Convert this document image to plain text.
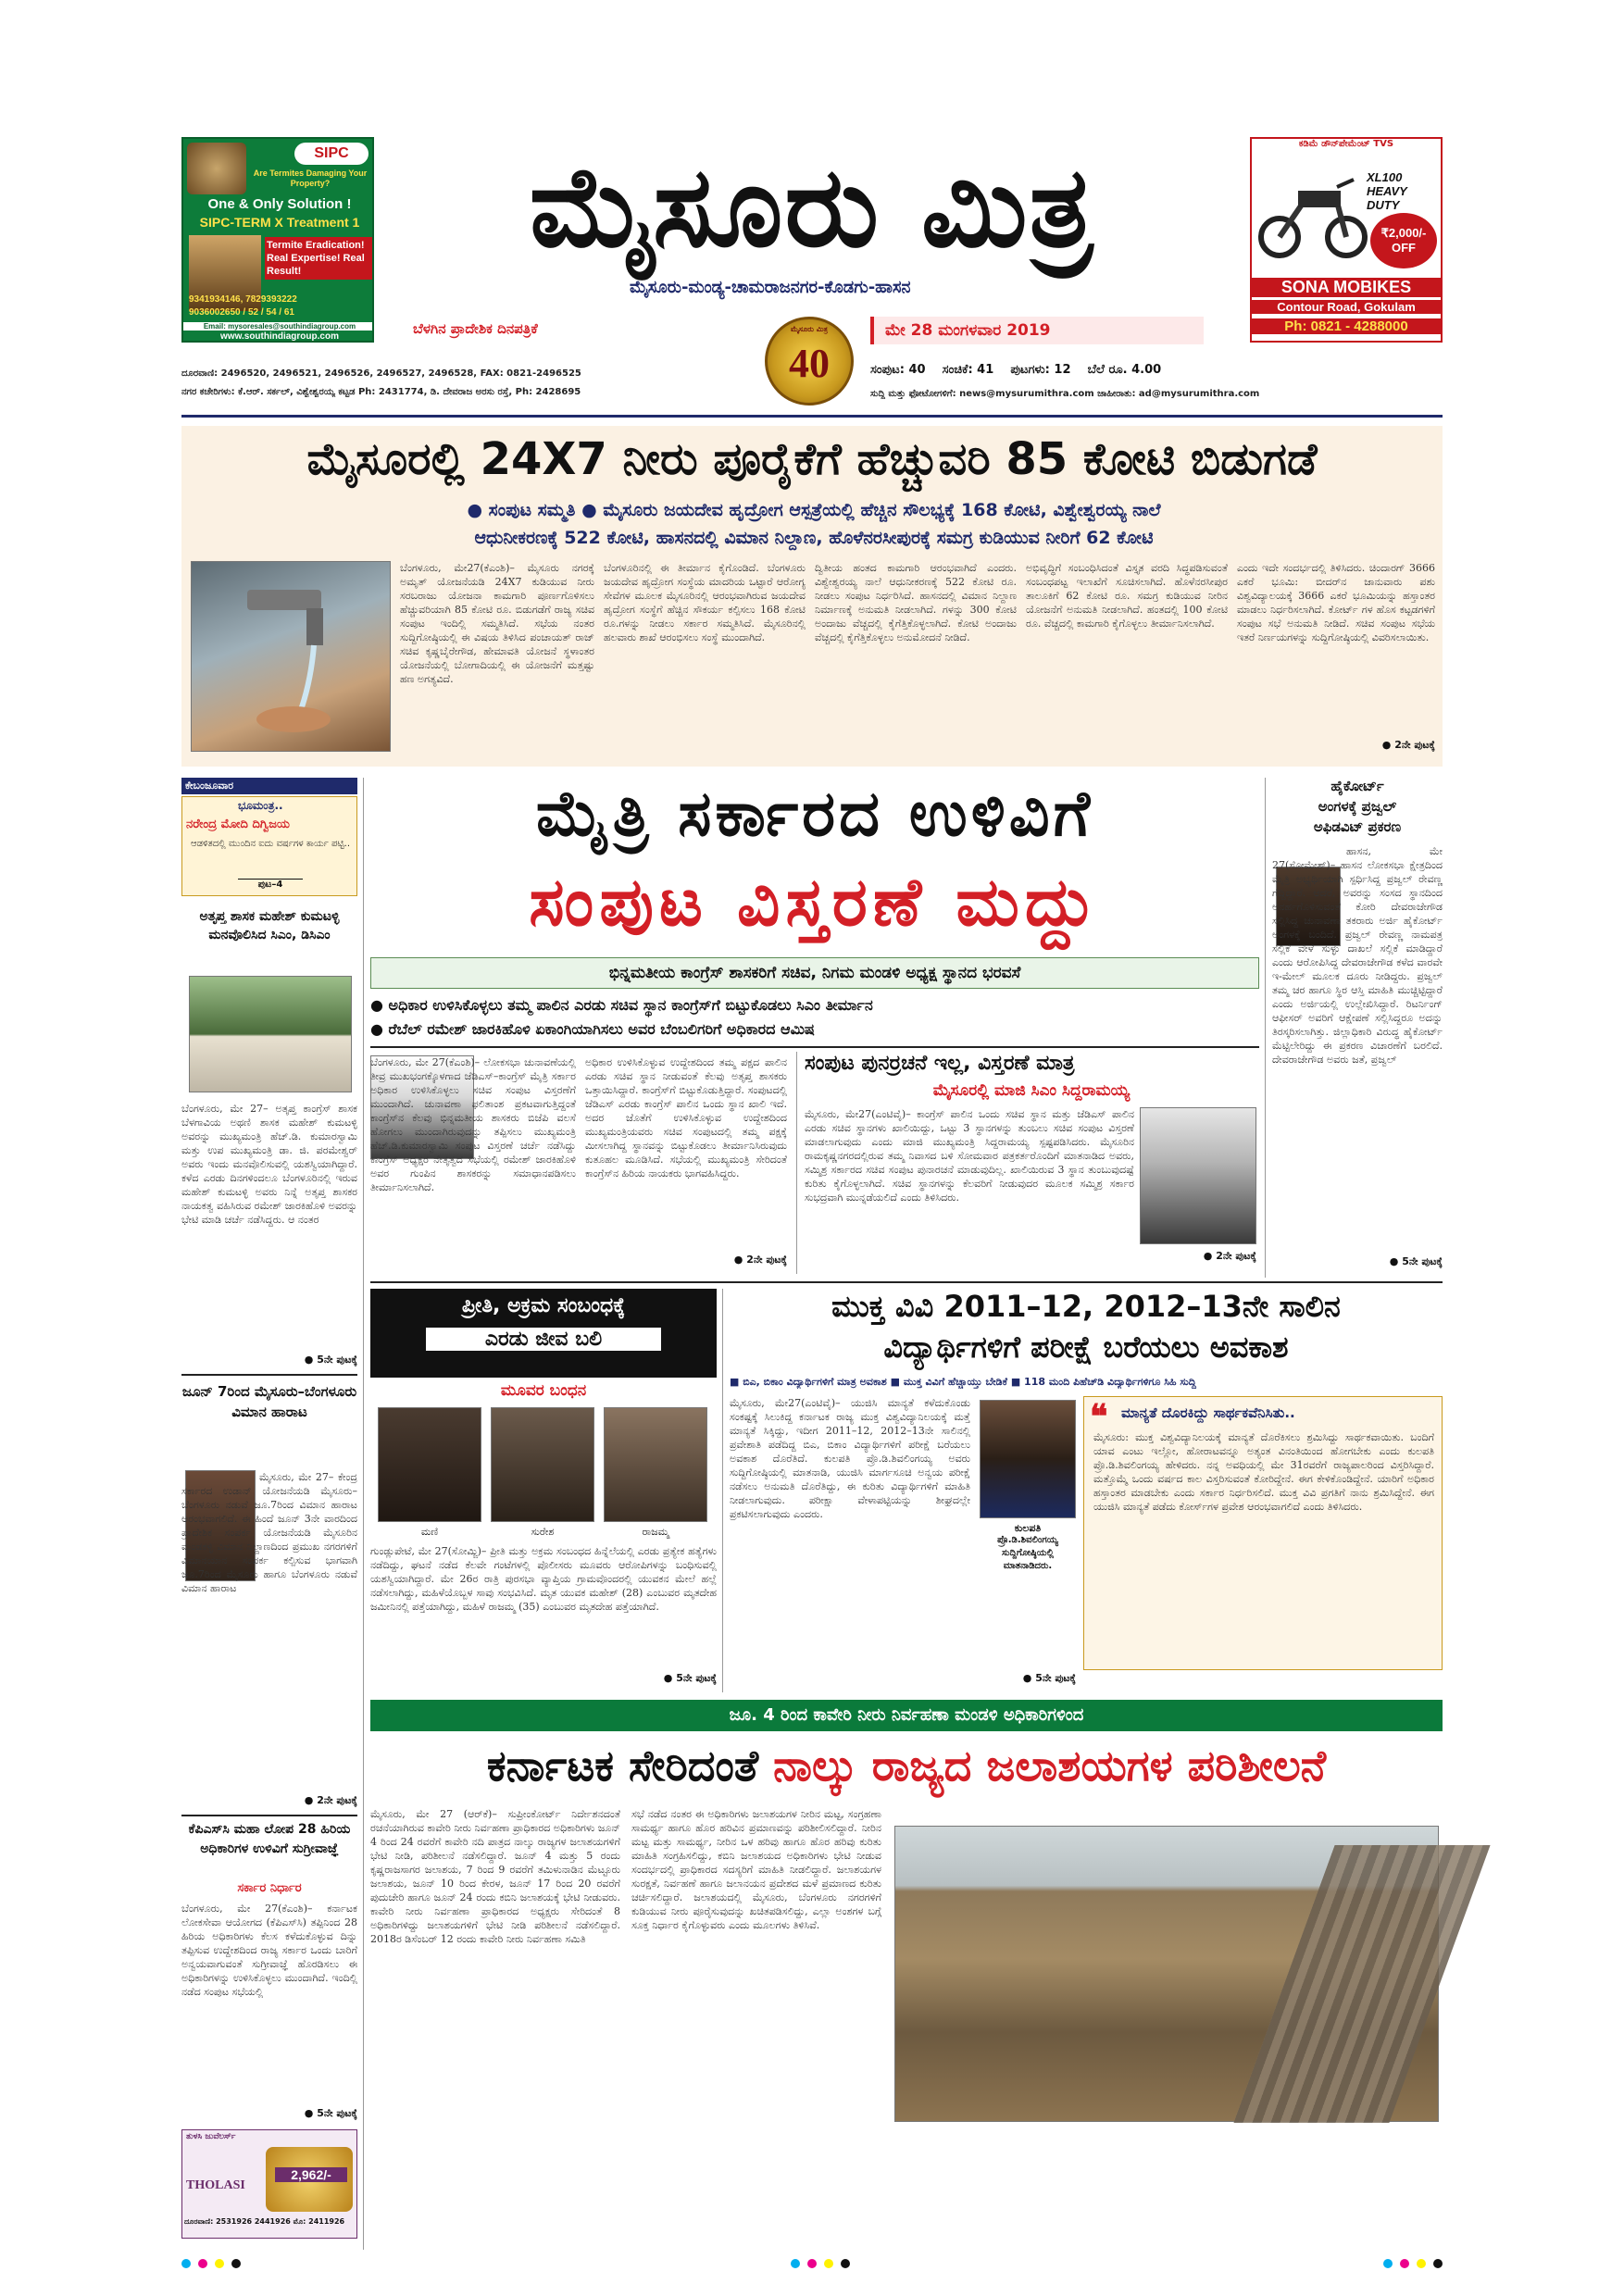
SIPC
Are Termites Damaging Your Property?
One & Only Solution !
SIPC-TERM X Treatment 1
Termite Eradication! Real Expertise! Real Result!
9341934146, 7829393222
9036002650 / 52 / 54 / 61
Email: mysoresales@southindiagroup.com
www.southindiagroup.com
ಮೈಸೂರು ಮಿತ್ರ
ಮೈಸೂರು-ಮಂಡ್ಯ-ಚಾಮರಾಜನಗರ-ಕೊಡಗು-ಹಾಸನ
ಬೆಳಗಿನ ಪ್ರಾದೇಶಿಕ ದಿನಪತ್ರಿಕೆ	ಮೈಸೂರು ಮಿತ್ರ
40
ಮೇ 28 ಮಂಗಳವಾರ 2019
ಕಡಿಮೆ ಡೌನ್‌ಪೇಮೆಂಟ್ TVS
XL100 HEAVY DUTY
₹2,000/- OFF
SONA MOBIKES
Contour Road, Gokulam
Ph: 0821 - 4288000
ಸಂಪುಟ: 40 ಸಂಚಿಕೆ: 41 ಪುಟಗಳು: 12 ಬೆಲೆ ರೂ. 4.00
ದೂರವಾಣಿ: 2496520, 2496521, 2496526, 2496527, 2496528, FAX: 0821-2496525
ನಗರ ಕಚೇರಿಗಳು: ಕೆ.ಆರ್. ಸರ್ಕಲ್, ವಿಶ್ವೇಶ್ವರಯ್ಯ ಕಟ್ಟಡ Ph: 2431774, ಡಿ. ದೇವರಾಜ ಅರಸು ರಸ್ತೆ, Ph: 2428695	ಸುದ್ದಿ ಮತ್ತು ಫೋಟೋಗಳಿಗೆ: news@mysurumithra.com ಜಾಹೀರಾತು: ad@mysurumithra.com
ಮೈಸೂರಲ್ಲಿ 24X7 ನೀರು ಪೂರೈಕೆಗೆ ಹೆಚ್ಚುವರಿ 85 ಕೋಟಿ ಬಿಡುಗಡೆ
● ಸಂಪುಟ ಸಮ್ಮತಿ ● ಮೈಸೂರು ಜಯದೇವ ಹೃದ್ರೋಗ ಆಸ್ಪತ್ರೆಯಲ್ಲಿ ಹೆಚ್ಚಿನ ಸೌಲಭ್ಯಕ್ಕೆ 168 ಕೋಟಿ, ವಿಶ್ವೇಶ್ವರಯ್ಯ ನಾಲೆ
ಆಧುನೀಕರಣಕ್ಕೆ 522 ಕೋಟಿ, ಹಾಸನದಲ್ಲಿ ವಿಮಾನ ನಿಲ್ದಾಣ, ಹೊಳೆನರಸೀಪುರಕ್ಕೆ ಸಮಗ್ರ ಕುಡಿಯುವ ನೀರಿಗೆ 62 ಕೋಟಿ
ಬೆಂಗಳೂರು, ಮೇ27(ಕೆಎಂಶಿ)– ಮೈಸೂರು ನಗರಕ್ಕೆ ಅಮೃತ್ ಯೋಜನೆಯಡಿ 24X7 ಕುಡಿಯುವ ನೀರು ಸರಬರಾಜು ಯೋಜನಾ ಕಾಮಗಾರಿ ಪೂರ್ಣಗೊಳಿಸಲು ಹೆಚ್ಚುವರಿಯಾಗಿ 85 ಕೋಟಿ ರೂ. ಬಿಡುಗಡೆಗೆ ರಾಜ್ಯ ಸಚಿವ ಸಂಪುಟ ಇಂದಿಲ್ಲಿ ಸಮ್ಮತಿಸಿದೆ. ಸಭೆಯ ನಂತರ ಸುದ್ದಿಗೋಷ್ಠಿಯಲ್ಲಿ ಈ ವಿಷಯ ತಿಳಿಸಿದ ಪಂಚಾಯತ್ ರಾಜ್ ಸಚಿವ ಕೃಷ್ಣಬೈರೇಗೌಡ, ಹೇಮಾವತಿ ಯೋಜನೆ ಸ್ಥಳಾಂತರ ಯೋಜನೆಯಲ್ಲಿ ಬೋಗಾದಿಯಲ್ಲಿ ಈ ಯೋಜನೆಗೆ ಮತ್ತಷ್ಟು ಹಣ ಅಗತ್ಯವಿದೆ.
ಬೆಂಗಳೂರಿನಲ್ಲಿ ಈ ತೀರ್ಮಾನ ಕೈಗೊಂಡಿದೆ. ಬೆಂಗಳೂರು ಜಯದೇವ ಹೃದ್ರೋಗ ಸಂಸ್ಥೆಯ ಮಾದರಿಯ ಒಟ್ಟಾರೆ ಆರೋಗ್ಯ ಸೇವೆಗಳ ಮೂಲಕ ಮೈಸೂರಿನಲ್ಲಿ ಆರಂಭವಾಗಿರುವ ಜಯದೇವ ಹೃದ್ರೋಗ ಸಂಸ್ಥೆಗೆ ಹೆಚ್ಚಿನ ಸೌಕರ್ಯ ಕಲ್ಪಿಸಲು 168 ಕೋಟಿ ರೂ.ಗಳನ್ನು ನೀಡಲು ಸರ್ಕಾರ ಸಮ್ಮತಿಸಿದೆ. ಮೈಸೂರಿನಲ್ಲಿ ಹಲವಾರು ಶಾಖೆ ಆರಂಭಿಸಲು ಸಂಸ್ಥೆ ಮುಂದಾಗಿದೆ.
ದ್ವಿತೀಯ ಹಂತದ ಕಾಮಗಾರಿ ಆರಂಭವಾಗಿದೆ ಎಂದರು. ವಿಶ್ವೇಶ್ವರಯ್ಯ ನಾಲೆ ಆಧುನೀಕರಣಕ್ಕೆ 522 ಕೋಟಿ ರೂ. ನೀಡಲು ಸಂಪುಟ ನಿರ್ಧರಿಸಿದೆ. ಹಾಸನದಲ್ಲಿ ವಿಮಾನ ನಿಲ್ದಾಣ ನಿರ್ಮಾಣಕ್ಕೆ ಅನುಮತಿ ನೀಡಲಾಗಿದೆ. ಗಳನ್ನು 300 ಕೋಟಿ ಅಂದಾಜು ವೆಚ್ಚದಲ್ಲಿ ಕೈಗೆತ್ತಿಕೊಳ್ಳಲಾಗಿದೆ. ಕೋಟಿ ಅಂದಾಜು ವೆಚ್ಚದಲ್ಲಿ ಕೈಗೆತ್ತಿಕೊಳ್ಳಲು ಅನುಮೋದನೆ ನೀಡಿದೆ.
ಅಭಿವೃದ್ಧಿಗೆ ಸಂಬಂಧಿಸಿದಂತೆ ವಿಸ್ತೃತ ವರದಿ ಸಿದ್ಧಪಡಿಸುವಂತೆ ಸಂಬಂಧಪಟ್ಟ ಇಲಾಖೆಗೆ ಸೂಚಿಸಲಾಗಿದೆ. ಹೊಳೆನರಸೀಪುರ ತಾಲೂಕಿಗೆ 62 ಕೋಟಿ ರೂ. ಸಮಗ್ರ ಕುಡಿಯುವ ನೀರಿನ ಯೋಜನೆಗೆ ಅನುಮತಿ ನೀಡಲಾಗಿದೆ. ಹಂತದಲ್ಲಿ 100 ಕೋಟಿ ರೂ. ವೆಚ್ಚದಲ್ಲಿ ಕಾಮಗಾರಿ ಕೈಗೊಳ್ಳಲು ತೀರ್ಮಾನಿಸಲಾಗಿದೆ.
ಎಂದು ಇದೇ ಸಂದರ್ಭದಲ್ಲಿ ತಿಳಿಸಿದರು. ಚಿಂದಾರಗ್ 3666 ಎಕರೆ ಭೂಮಿ: ಬೀದರ್‌ನ ಜಾನುವಾರು ಪಶು ವಿಶ್ವವಿದ್ಯಾಲಯಕ್ಕೆ 3666 ಎಕರೆ ಭೂಮಿಯನ್ನು ಹಸ್ತಾಂತರ ಮಾಡಲು ನಿರ್ಧರಿಸಲಾಗಿದೆ. ಕೋರ್ಟ್ ಗಳ ಹೊಸ ಕಟ್ಟಡಗಳಿಗೆ ಸಂಪುಟ ಸಭೆ ಅನುಮತಿ ನೀಡಿದೆ. ಸಚಿವ ಸಂಪುಟ ಸಭೆಯ ಇತರೆ ನಿರ್ಣಯಗಳನ್ನು ಸುದ್ದಿಗೋಷ್ಠಿಯಲ್ಲಿ ವಿವರಿಸಲಾಯಿತು.
● 2ನೇ ಪುಟಕ್ಕೆ
ಕೇಬಂಜೂವಾರ
ಭೂಮಂತ್ರ..
ನರೇಂದ್ರ ಮೋದಿ ದಿಗ್ವಿಜಯ
ಆಡಳಿತದಲ್ಲಿ ಮುಂದಿನ ಐದು ವರ್ಷಗಳ ಕಾರ್ಯ ಪಟ್ಟಿ..
ಪುಟ–4
ಅತೃಪ್ತ ಶಾಸಕ ಮಹೇಶ್ ಕುಮಟಳ್ಳಿ ಮನವೊಲಿಸಿದ ಸಿಎಂ, ಡಿಸಿಎಂ
ಬೆಂಗಳೂರು, ಮೇ 27– ಅತೃಪ್ತ ಕಾಂಗ್ರೆಸ್ ಶಾಸಕ ಬೆಳಗಾವಿಯ ಅಥಣಿ ಶಾಸಕ ಮಹೇಶ್ ಕುಮಟಳ್ಳಿ ಅವರನ್ನು ಮುಖ್ಯಮಂತ್ರಿ ಹೆಚ್.ಡಿ. ಕುಮಾರಸ್ವಾಮಿ ಮತ್ತು ಉಪ ಮುಖ್ಯಮಂತ್ರಿ ಡಾ. ಜಿ. ಪರಮೇಶ್ವರ್ ಅವರು ಇಂದು ಮನವೊಲಿಸುವಲ್ಲಿ ಯಶಸ್ವಿಯಾಗಿದ್ದಾರೆ. ಕಳೆದ ಎರಡು ದಿನಗಳಿಂದಲೂ ಬೆಂಗಳೂರಿನಲ್ಲಿ ಇರುವ ಮಹೇಶ್ ಕುಮಟಳ್ಳಿ ಅವರು ನಿನ್ನೆ ಅತೃಪ್ತ ಶಾಸಕರ ನಾಯಕತ್ವ ವಹಿಸಿರುವ ರಮೇಶ್ ಜಾರಕಿಹೊಳಿ ಅವರನ್ನು ಭೇಟಿ ಮಾಡಿ ಚರ್ಚೆ ನಡೆಸಿದ್ದರು. ಆ ನಂತರ
● 5ನೇ ಪುಟಕ್ಕೆ
ಜೂನ್ 7ರಿಂದ ಮೈಸೂರು–ಬೆಂಗಳೂರು ವಿಮಾನ ಹಾರಾಟ
ಮೈಸೂರು, ಮೇ 27– ಕೇಂದ್ರ ಸರ್ಕಾರದ ಉಡಾನ್ ಯೋಜನೆಯಡಿ ಮೈಸೂರು–ಬೆಂಗಳೂರು ನಡುವೆ ಜೂ.7ರಿಂದ ವಿಮಾನ ಹಾರಾಟ ಆರಂಭವಾಗಲಿದೆ. ಈ ಹಿಂದೆ ಜೂನ್ 3ನೇ ವಾರದಿಂದ ಪ್ರಾದೇಶಿಕ ಸಂಪರ್ಕ ಯೋಜನೆಯಡಿ ಮೈಸೂರಿನ ಮಂಡಕಳ್ಳಿ ವಿಮಾನ ನಿಲ್ದಾಣದಿಂದ ಪ್ರಮುಖ ನಗರಗಳಿಗೆ ವಿಮಾನಯಾನ ಸಂಪರ್ಕ ಕಲ್ಪಿಸುವ ಭಾಗವಾಗಿ ಜೂ.7ರಿಂದ ಮೈಸೂರು ಹಾಗೂ ಬೆಂಗಳೂರು ನಡುವೆ ವಿಮಾನ ಹಾರಾಟ
● 2ನೇ ಪುಟಕ್ಕೆ
ಕೆಪಿಎಸ್‌ಸಿ ಮಹಾ ಲೋಪ 28 ಹಿರಿಯ ಅಧಿಕಾರಿಗಳ ಉಳಿವಿಗೆ ಸುಗ್ರೀವಾಜ್ಞೆ
ಸರ್ಕಾರ ನಿರ್ಧಾರ
ಬೆಂಗಳೂರು, ಮೇ 27(ಕೆಎಂಶಿ)– ಕರ್ನಾಟಕ ಲೋಕಸೇವಾ ಆಯೋಗದ (ಕೆಪಿಎಸ್‌ಸಿ) ತಪ್ಪಿನಿಂದ 28 ಹಿರಿಯ ಅಧಿಕಾರಿಗಳು ಕೆಲಸ ಕಳೆದುಕೊಳ್ಳುವ ದಿನ್ನು ತಪ್ಪಿಸುವ ಉದ್ದೇಶದಿಂದ ರಾಜ್ಯ ಸರ್ಕಾರ ಒಂದು ಬಾರಿಗೆ ಅನ್ವಯವಾಗುವಂತೆ ಸುಗ್ರೀವಾಜ್ಞೆ ಹೊರಡಿಸಲು ಈ ಅಧಿಕಾರಿಗಳನ್ನು ಉಳಿಸಿಕೊಳ್ಳಲು ಮುಂದಾಗಿದೆ. ಇಂದಿಲ್ಲಿ ನಡೆದ ಸಂಪುಟ ಸಭೆಯಲ್ಲಿ
● 5ನೇ ಪುಟಕ್ಕೆ
ತುಳಸಿ ಜುವೆಲರ್ಸ್
THOLASI
2,962/-
ದೂರವಾಣಿ: 2531926 2441926 ಮೊ: 2411926
ಮೈತ್ರಿ ಸರ್ಕಾರದ ಉಳಿವಿಗೆ
ಸಂಪುಟ ವಿಸ್ತರಣೆ ಮದ್ದು
ಭಿನ್ನಮತೀಯ ಕಾಂಗ್ರೆಸ್ ಶಾಸಕರಿಗೆ ಸಚಿವ, ನಿಗಮ ಮಂಡಳಿ ಅಧ್ಯಕ್ಷ ಸ್ಥಾನದ ಭರವಸೆ
● ಅಧಿಕಾರ ಉಳಿಸಿಕೊಳ್ಳಲು ತಮ್ಮ ಪಾಲಿನ ಎರಡು ಸಚಿವ ಸ್ಥಾನ ಕಾಂಗ್ರೆಸ್‌ಗೆ ಬಿಟ್ಟುಕೊಡಲು ಸಿಎಂ ತೀರ್ಮಾನ
● ರೆಬೆಲ್ ರಮೇಶ್ ಜಾರಕಿಹೊಳಿ ಏಕಾಂಗಿಯಾಗಿಸಲು ಅವರ ಬೆಂಬಲಿಗರಿಗೆ ಅಧಿಕಾರದ ಆಮಿಷ
ಬೆಂಗಳೂರು, ಮೇ 27(ಕೆಎಂಶಿ)– ಲೋಕಸಭಾ ಚುನಾವಣೆಯಲ್ಲಿ ತೀವ್ರ ಮುಖಭಂಗಕ್ಕೊಳಗಾದ ಜೆಡಿಎಸ್–ಕಾಂಗ್ರೆಸ್ ಮೈತ್ರಿ ಸರ್ಕಾರ ಅಧಿಕಾರ ಉಳಿಸಿಕೊಳ್ಳಲು ಸಚಿವ ಸಂಪುಟ ವಿಸ್ತರಣೆಗೆ ಮುಂದಾಗಿದೆ. ಚುನಾವಣಾ ಫಲಿತಾಂಶ ಪ್ರಕಟವಾಗುತ್ತಿದ್ದಂತೆ ಕಾಂಗ್ರೆಸ್‌ನ ಕೆಲವು ಭಿನ್ನಮತೀಯ ಶಾಸಕರು ಬಿಜೆಪಿ ವಲಸೆ ಹೋಗಲು ಮುಂದಾಗಿರುವುದನ್ನು ತಪ್ಪಿಸಲು ಮುಖ್ಯಮಂತ್ರಿ ಹೆಚ್.ಡಿ.ಕುಮಾರಸ್ವಾಮಿ ಸಂಪುಟ ವಿಸ್ತರಣೆ ಚರ್ಚೆ ನಡೆಸಿದ್ದು ಕಾಂಗ್ರೆಸ್ ಅಧ್ಯಕ್ಷರ ನೇತೃತ್ವದ ಸಭೆಯಲ್ಲಿ ರಮೇಶ್ ಜಾರಕಿಹೊಳಿ ಅವರ ಗುಂಪಿನ ಶಾಸಕರನ್ನು ಸಮಾಧಾನಪಡಿಸಲು ತೀರ್ಮಾನಿಸಲಾಗಿದೆ.
ಅಧಿಕಾರ ಉಳಿಸಿಕೊಳ್ಳುವ ಉದ್ದೇಶದಿಂದ ತಮ್ಮ ಪಕ್ಷದ ಪಾಲಿನ ಎರಡು ಸಚಿವ ಸ್ಥಾನ ನೀಡುವಂತೆ ಕೆಲವು ಅತೃಪ್ತ ಶಾಸಕರು ಒತ್ತಾಯಿಸಿದ್ದಾರೆ. ಕಾಂಗ್ರೆಸ್‌ಗೆ ಬಿಟ್ಟುಕೊಡುತ್ತಿದ್ದಾರೆ. ಸಂಪುಟದಲ್ಲಿ ಜೆಡಿಎಸ್ ಎರಡು ಕಾಂಗ್ರೆಸ್ ಪಾಲಿನ ಒಂದು ಸ್ಥಾನ ಖಾಲಿ ಇದೆ. ಅದರ ಜೊತೆಗೆ ಉಳಿಸಿಕೊಳ್ಳುವ ಉದ್ದೇಶದಿಂದ ಮುಖ್ಯಮಂತ್ರಿಯವರು ಸಚಿವ ಸಂಪುಟದಲ್ಲಿ ತಮ್ಮ ಪಕ್ಷಕ್ಕೆ ಮೀಸಲಾಗಿದ್ದ ಸ್ಥಾನವನ್ನು ಬಿಟ್ಟುಕೊಡಲು ತೀರ್ಮಾನಿಸಿರುವುದು ಕುತೂಹಲ ಮೂಡಿಸಿದೆ. ಸಭೆಯಲ್ಲಿ ಮುಖ್ಯಮಂತ್ರಿ ಸೇರಿದಂತೆ ಕಾಂಗ್ರೆಸ್‌ನ ಹಿರಿಯ ನಾಯಕರು ಭಾಗವಹಿಸಿದ್ದರು.
● 2ನೇ ಪುಟಕ್ಕೆ
ಸಂಪುಟ ಪುನರ್ರಚನೆ ಇಲ್ಲ, ವಿಸ್ತರಣೆ ಮಾತ್ರ
ಮೈಸೂರಲ್ಲಿ ಮಾಜಿ ಸಿಎಂ ಸಿದ್ದರಾಮಯ್ಯ
ಮೈಸೂರು, ಮೇ27(ಎಂಟಿವೈ)– ಕಾಂಗ್ರೆಸ್ ಪಾಲಿನ ಒಂದು ಸಚಿವ ಸ್ಥಾನ ಮತ್ತು ಜೆಡಿಎಸ್ ಪಾಲಿನ ಎರಡು ಸಚಿವ ಸ್ಥಾನಗಳು ಖಾಲಿಯಿದ್ದು, ಒಟ್ಟು 3 ಸ್ಥಾನಗಳನ್ನು ತುಂಬಲು ಸಚಿವ ಸಂಪುಟ ವಿಸ್ತರಣೆ ಮಾಡಲಾಗುವುದು ಎಂದು ಮಾಜಿ ಮುಖ್ಯಮಂತ್ರಿ ಸಿದ್ದರಾಮಯ್ಯ ಸ್ಪಷ್ಟಪಡಿಸಿದರು. ಮೈಸೂರಿನ ರಾಮಕೃಷ್ಣನಗರದಲ್ಲಿರುವ ತಮ್ಮ ನಿವಾಸದ ಬಳಿ ಸೋಮವಾರ ಪತ್ರಕರ್ತರೊಂದಿಗೆ ಮಾತನಾಡಿದ ಅವರು, ಸಮ್ಮಿಶ್ರ ಸರ್ಕಾರದ ಸಚಿವ ಸಂಪುಟ ಪುನಾರಚನೆ ಮಾಡುವುದಿಲ್ಲ. ಖಾಲಿಯಿರುವ 3 ಸ್ಥಾನ ತುಂಬುವುದಷ್ಟೆ ಕುರಿತು ಕೈಗೊಳ್ಳಲಾಗಿದೆ. ಸಚಿವ ಸ್ಥಾನಗಳನ್ನು ಕೆಲವರಿಗೆ ನೀಡುವುದರ ಮೂಲಕ ಸಮ್ಮಿಶ್ರ ಸರ್ಕಾರ ಸುಭದ್ರವಾಗಿ ಮುನ್ನಡೆಯಲಿದೆ ಎಂದು ತಿಳಿಸಿದರು.
● 2ನೇ ಪುಟಕ್ಕೆ
ಹೈಕೋರ್ಟ್
ಅಂಗಳಕ್ಕೆ ಪ್ರಜ್ವಲ್
ಅಫಿಡವಿಟ್ ಪ್ರಕರಣ
ಹಾಸನ, ಮೇ 27(ಸೋಮೇಶ್)– ಹಾಸನ ಲೋಕಸಭಾ ಕ್ಷೇತ್ರದಿಂದ ಮೈತ್ರಿ ಅಭ್ಯರ್ಥಿಯಾಗಿ ಸ್ಪರ್ಧಿಸಿದ್ದ ಪ್ರಜ್ವಲ್ ರೇವಣ್ಣ ಗೆದ್ದಿದ್ದಾರೆ. ಆದರೆ, ಅವರನ್ನು ಸಂಸದ ಸ್ಥಾನದಿಂದ ಅನರ್ಹಗೊಳಿಸುವಂತೆ ಕೋರಿ ದೇವರಾಜೇಗೌಡ ಸಲ್ಲಿಸಿದ್ದ ಚುನಾವಣಾ ತಕರಾರು ಅರ್ಜಿ ಹೈಕೋರ್ಟ್ ಅಂಗಳಕ್ಕೆ ಬಂದಿದೆ. ಪ್ರಜ್ವಲ್ ರೇವಣ್ಣ ನಾಮಪತ್ರ ಸಲ್ಲಿಕೆ ವೇಳೆ ಸುಳ್ಳು ದಾಖಲೆ ಸಲ್ಲಿಕೆ ಮಾಡಿದ್ದಾರೆ ಎಂದು ಆರೋಪಿಸಿದ್ದ ದೇವರಾಜೇಗೌಡ ಕಳೆದ ವಾರವೇ ಇ-ಮೇಲ್ ಮೂಲಕ ದೂರು ನೀಡಿದ್ದರು. ಪ್ರಜ್ವಲ್ ತಮ್ಮ ಚರ ಹಾಗೂ ಸ್ಥಿರ ಆಸ್ತಿ ಮಾಹಿತಿ ಮುಚ್ಚಿಟ್ಟಿದ್ದಾರೆ ಎಂದು ಅರ್ಜಿಯಲ್ಲಿ ಉಲ್ಲೇಖಿಸಿದ್ದಾರೆ. ರಿಟರ್ನಿಂಗ್ ಆಫೀಸರ್ ಅವರಿಗೆ ಆಕ್ಷೇಪಣೆ ಸಲ್ಲಿಸಿದ್ದರೂ ಅದನ್ನು ತಿರಸ್ಕರಿಸಲಾಗಿತ್ತು. ಜಿಲ್ಲಾಧಿಕಾರಿ ವಿರುದ್ಧ ಹೈಕೋರ್ಟ್ ಮೆಟ್ಟಿಲೇರಿದ್ದು ಈ ಪ್ರಕರಣ ವಿಚಾರಣೆಗೆ ಬರಲಿದೆ. ದೇವರಾಜೇಗೌಡ ಅವರು ಜತೆ, ಪ್ರಜ್ವಲ್
● 5ನೇ ಪುಟಕ್ಕೆ
ಪ್ರೀತಿ, ಅಕ್ರಮ ಸಂಬಂಧಕ್ಕೆ
ಎರಡು ಜೀವ ಬಲಿ
ಮೂವರ ಬಂಧನ
ಮಣಿ	ಸುರೇಶ	ರಾಜಮ್ಮ
ಗುಂಡ್ಲುಪೇಟೆ, ಮೇ 27(ಸೋಮ್ಜಿ)– ಪ್ರೀತಿ ಮತ್ತು ಅಕ್ರಮ ಸಂಬಂಧದ ಹಿನ್ನೆಲೆಯಲ್ಲಿ ಎರಡು ಪ್ರತ್ಯೇಕ ಹತ್ಯೆಗಳು ನಡೆದಿದ್ದು, ಘಟನೆ ನಡೆದ ಕೆಲವೇ ಗಂಟೆಗಳಲ್ಲಿ ಪೊಲೀಸರು ಮೂವರು ಆರೋಪಿಗಳನ್ನು ಬಂಧಿಸುವಲ್ಲಿ ಯಶಸ್ವಿಯಾಗಿದ್ದಾರೆ. ಮೇ 26ರ ರಾತ್ರಿ ಪುರಸಭಾ ವ್ಯಾಪ್ತಿಯ ಗ್ರಾಮವೊಂದರಲ್ಲಿ ಯುವಕನ ಮೇಲೆ ಹಲ್ಲೆ ನಡೆಸಲಾಗಿದ್ದು, ಮಹಿಳೆಯೊಬ್ಬಳ ಸಾವು ಸಂಭವಿಸಿದೆ. ಮೃತ ಯುವಕ ಮಹೇಶ್ (28) ಎಂಬುವರ ಮೃತದೇಹ ಜಮೀನಿನಲ್ಲಿ ಪತ್ತೆಯಾಗಿದ್ದು, ಮಹಿಳೆ ರಾಜಮ್ಮ (35) ಎಂಬುವರ ಮೃತದೇಹ ಪತ್ತೆಯಾಗಿದೆ.
● 5ನೇ ಪುಟಕ್ಕೆ
ಮುಕ್ತ ವಿವಿ 2011–12, 2012–13ನೇ ಸಾಲಿನ
ವಿದ್ಯಾರ್ಥಿಗಳಿಗೆ ಪರೀಕ್ಷೆ ಬರೆಯಲು ಅವಕಾಶ
■ ಬಿಎ, ಬಿಕಾಂ ವಿದ್ಯಾರ್ಥಿಗಳಿಗೆ ಮಾತ್ರ ಅವಕಾಶ ■ ಮುಕ್ತ ವಿವಿಗೆ ಹೆಚ್ಚಾಯ್ತು ಬೇಡಿಕೆ ■ 118 ಮಂದಿ ಪಿಹೆಚ್‌ಡಿ ವಿದ್ಯಾರ್ಥಿಗಳಿಗೂ ಸಿಹಿ ಸುದ್ದಿ
ಮೈಸೂರು, ಮೇ27(ಎಂಟಿವೈ)– ಯುಜಿಸಿ ಮಾನ್ಯತೆ ಕಳೆದುಕೊಂಡು ಸಂಕಷ್ಟಕ್ಕೆ ಸಿಲುಕಿದ್ದ ಕರ್ನಾಟಕ ರಾಜ್ಯ ಮುಕ್ತ ವಿಶ್ವವಿದ್ಯಾನಿಲಯಕ್ಕೆ ಮತ್ತೆ ಮಾನ್ಯತೆ ಸಿಕ್ಕಿದ್ದು, ಇದೀಗ 2011–12, 2012–13ನೇ ಸಾಲಿನಲ್ಲಿ ಪ್ರವೇಶಾತಿ ಪಡೆದಿದ್ದ ಬಿಎ, ಬಿಕಾಂ ವಿದ್ಯಾರ್ಥಿಗಳಿಗೆ ಪರೀಕ್ಷೆ ಬರೆಯಲು ಅವಕಾಶ ದೊರೆತಿದೆ. ಕುಲಪತಿ ಪ್ರೊ.ಡಿ.ಶಿವಲಿಂಗಯ್ಯ ಅವರು ಸುದ್ದಿಗೋಷ್ಠಿಯಲ್ಲಿ ಮಾತನಾಡಿ, ಯುಜಿಸಿ ಮಾರ್ಗಸೂಚಿ ಅನ್ವಯ ಪರೀಕ್ಷೆ ನಡೆಸಲು ಅನುಮತಿ ದೊರೆತಿದ್ದು, ಈ ಕುರಿತು ವಿದ್ಯಾರ್ಥಿಗಳಿಗೆ ಮಾಹಿತಿ ನೀಡಲಾಗುವುದು. ಪರೀಕ್ಷಾ ವೇಳಾಪಟ್ಟಿಯನ್ನು ಶೀಘ್ರದಲ್ಲೇ ಪ್ರಕಟಿಸಲಾಗುವುದು ಎಂದರು.
ಕುಲಪತಿ
ಪ್ರೊ.ಡಿ.ಶಿವಲಿಂಗಯ್ಯ
ಸುದ್ದಿಗೋಷ್ಠಿಯಲ್ಲಿ
ಮಾತನಾಡಿದರು.
❝ ಮಾನ್ಯತೆ ದೊರಕಿದ್ದು ಸಾರ್ಥಕವೆನಿಸಿತು..
ಮೈಸೂರು: ಮುಕ್ತ ವಿಶ್ವವಿದ್ಯಾನಿಲಯಕ್ಕೆ ಮಾನ್ಯತೆ ದೊರೆಕಿಸಲು ಶ್ರಮಿಸಿದ್ದು ಸಾರ್ಥಕವಾಯಿತು. ಬಂದಿಗೆ ಯಾವ ಎಂಟು ಇಲ್ಲೋ, ಹೋರಾಟವನ್ನೂ ಅತ್ಯಂತ ವಿನಂತಿಯಿಂದ ಹೋಗಬೇಕು ಎಂದು ಕುಲಪತಿ ಪ್ರೊ.ಡಿ.ಶಿವಲಿಂಗಯ್ಯ ಹೇಳಿದರು. ನನ್ನ ಅವಧಿಯಲ್ಲಿ ಮೇ 31ರವರೆಗೆ ರಾಜ್ಯಪಾಲರಿಂದ ವಿಸ್ತರಿಸಿದ್ದಾರೆ. ಮತ್ತೊಮ್ಮೆ ಒಂದು ವರ್ಷದ ಕಾಲ ವಿಸ್ತರಿಸುವಂತೆ ಕೋರಿದ್ದೇನೆ. ಈಗ ಕೇಳಿಕೊಂಡಿದ್ದೇನೆ. ಯಾರಿಗೆ ಅಧಿಕಾರ ಹಸ್ತಾಂತರ ಮಾಡಬೇಕು ಎಂದು ಸರ್ಕಾರ ನಿರ್ಧರಿಸಲಿದೆ. ಮುಕ್ತ ವಿವಿ ಪ್ರಗತಿಗೆ ನಾನು ಶ್ರಮಿಸಿದ್ದೇನೆ. ಈಗ ಯುಜಿಸಿ ಮಾನ್ಯತೆ ಪಡೆದು ಕೋರ್ಸ್‌ಗಳ ಪ್ರವೇಶ ಆರಂಭವಾಗಲಿದೆ ಎಂದು ತಿಳಿಸಿದರು.
● 5ನೇ ಪುಟಕ್ಕೆ
ಜೂ. 4 ರಿಂದ ಕಾವೇರಿ ನೀರು ನಿರ್ವಹಣಾ ಮಂಡಳಿ ಅಧಿಕಾರಿಗಳಿಂದ
ಕರ್ನಾಟಕ ಸೇರಿದಂತೆ ನಾಲ್ಕು ರಾಜ್ಯದ ಜಲಾಶಯಗಳ ಪರಿಶೀಲನೆ
ಮೈಸೂರು, ಮೇ 27 (ಆರ್‌ಕೆ)– ಸುಪ್ರೀಂಕೋರ್ಟ್ ನಿರ್ದೇಶನದಂತೆ ರಚನೆಯಾಗಿರುವ ಕಾವೇರಿ ನೀರು ನಿರ್ವಹಣಾ ಪ್ರಾಧಿಕಾರದ ಅಧಿಕಾರಿಗಳು ಜೂನ್ 4 ರಿಂದ 24 ರವರೆಗೆ ಕಾವೇರಿ ನದಿ ಪಾತ್ರದ ನಾಲ್ಕು ರಾಜ್ಯಗಳ ಜಲಾಶಯಗಳಿಗೆ ಭೇಟಿ ನೀಡಿ, ಪರಿಶೀಲನೆ ನಡೆಸಲಿದ್ದಾರೆ. ಜೂನ್ 4 ಮತ್ತು 5 ರಂದು ಕೃಷ್ಣರಾಜಸಾಗರ ಜಲಾಶಯ, 7 ರಿಂದ 9 ರವರೆಗೆ ತಮಿಳುನಾಡಿನ ಮೆಟ್ಟೂರು ಜಲಾಶಯ, ಜೂನ್ 10 ರಿಂದ ಕೇರಳ, ಜೂನ್ 17 ರಿಂದ 20 ರವರೆಗೆ ಪುದುಚೇರಿ ಹಾಗೂ ಜೂನ್ 24 ರಂದು ಕಬಿನಿ ಜಲಾಶಯಕ್ಕೆ ಭೇಟಿ ನೀಡುವರು. ಕಾವೇರಿ ನೀರು ನಿರ್ವಹಣಾ ಪ್ರಾಧಿಕಾರದ ಅಧ್ಯಕ್ಷರು ಸೇರಿದಂತೆ 8 ಅಧಿಕಾರಿಗಳಿದ್ದು ಜಲಾಶಯಗಳಿಗೆ ಭೇಟಿ ನೀಡಿ ಪರಿಶೀಲನೆ ನಡೆಸಲಿದ್ದಾರೆ. 2018ರ ಡಿಸೆಂಬರ್ 12 ರಂದು ಕಾವೇರಿ ನೀರು ನಿರ್ವಹಣಾ ಸಮಿತಿ
ಸಭೆ ನಡೆದ ನಂತರ ಈ ಅಧಿಕಾರಿಗಳು ಜಲಾಶಯಗಳ ನೀರಿನ ಮಟ್ಟ, ಸಂಗ್ರಹಣಾ ಸಾಮರ್ಥ್ಯ ಹಾಗೂ ಹೊರ ಹರಿವಿನ ಪ್ರಮಾಣವನ್ನು ಪರಿಶೀಲಿಸಲಿದ್ದಾರೆ. ನೀರಿನ ಮಟ್ಟ ಮತ್ತು ಸಾಮರ್ಥ್ಯ, ನೀರಿನ ಒಳ ಹರಿವು ಹಾಗೂ ಹೊರ ಹರಿವು ಕುರಿತು ಮಾಹಿತಿ ಸಂಗ್ರಹಿಸಲಿದ್ದು, ಕಬಿನಿ ಜಲಾಶಯದ ಅಧಿಕಾರಿಗಳು ಭೇಟಿ ನೀಡುವ ಸಂದರ್ಭದಲ್ಲಿ ಪ್ರಾಧಿಕಾರದ ಸದಸ್ಯರಿಗೆ ಮಾಹಿತಿ ನೀಡಲಿದ್ದಾರೆ. ಜಲಾಶಯಗಳ ಸುರಕ್ಷತೆ, ನಿರ್ವಹಣೆ ಹಾಗೂ ಜಲಾನಯನ ಪ್ರದೇಶದ ಮಳೆ ಪ್ರಮಾಣದ ಕುರಿತು ಚರ್ಚಿಸಲಿದ್ದಾರೆ. ಜಲಾಶಯದಲ್ಲಿ ಮೈಸೂರು, ಬೆಂಗಳೂರು ನಗರಗಳಿಗೆ ಕುಡಿಯುವ ನೀರು ಪೂರೈಸುವುದನ್ನು ಖಚಿತಪಡಿಸಲಿದ್ದು, ಎಲ್ಲಾ ಅಂಶಗಳ ಬಗ್ಗೆ ಸೂಕ್ತ ನಿರ್ಧಾರ ಕೈಗೊಳ್ಳುವರು ಎಂದು ಮೂಲಗಳು ತಿಳಿಸಿವೆ.
